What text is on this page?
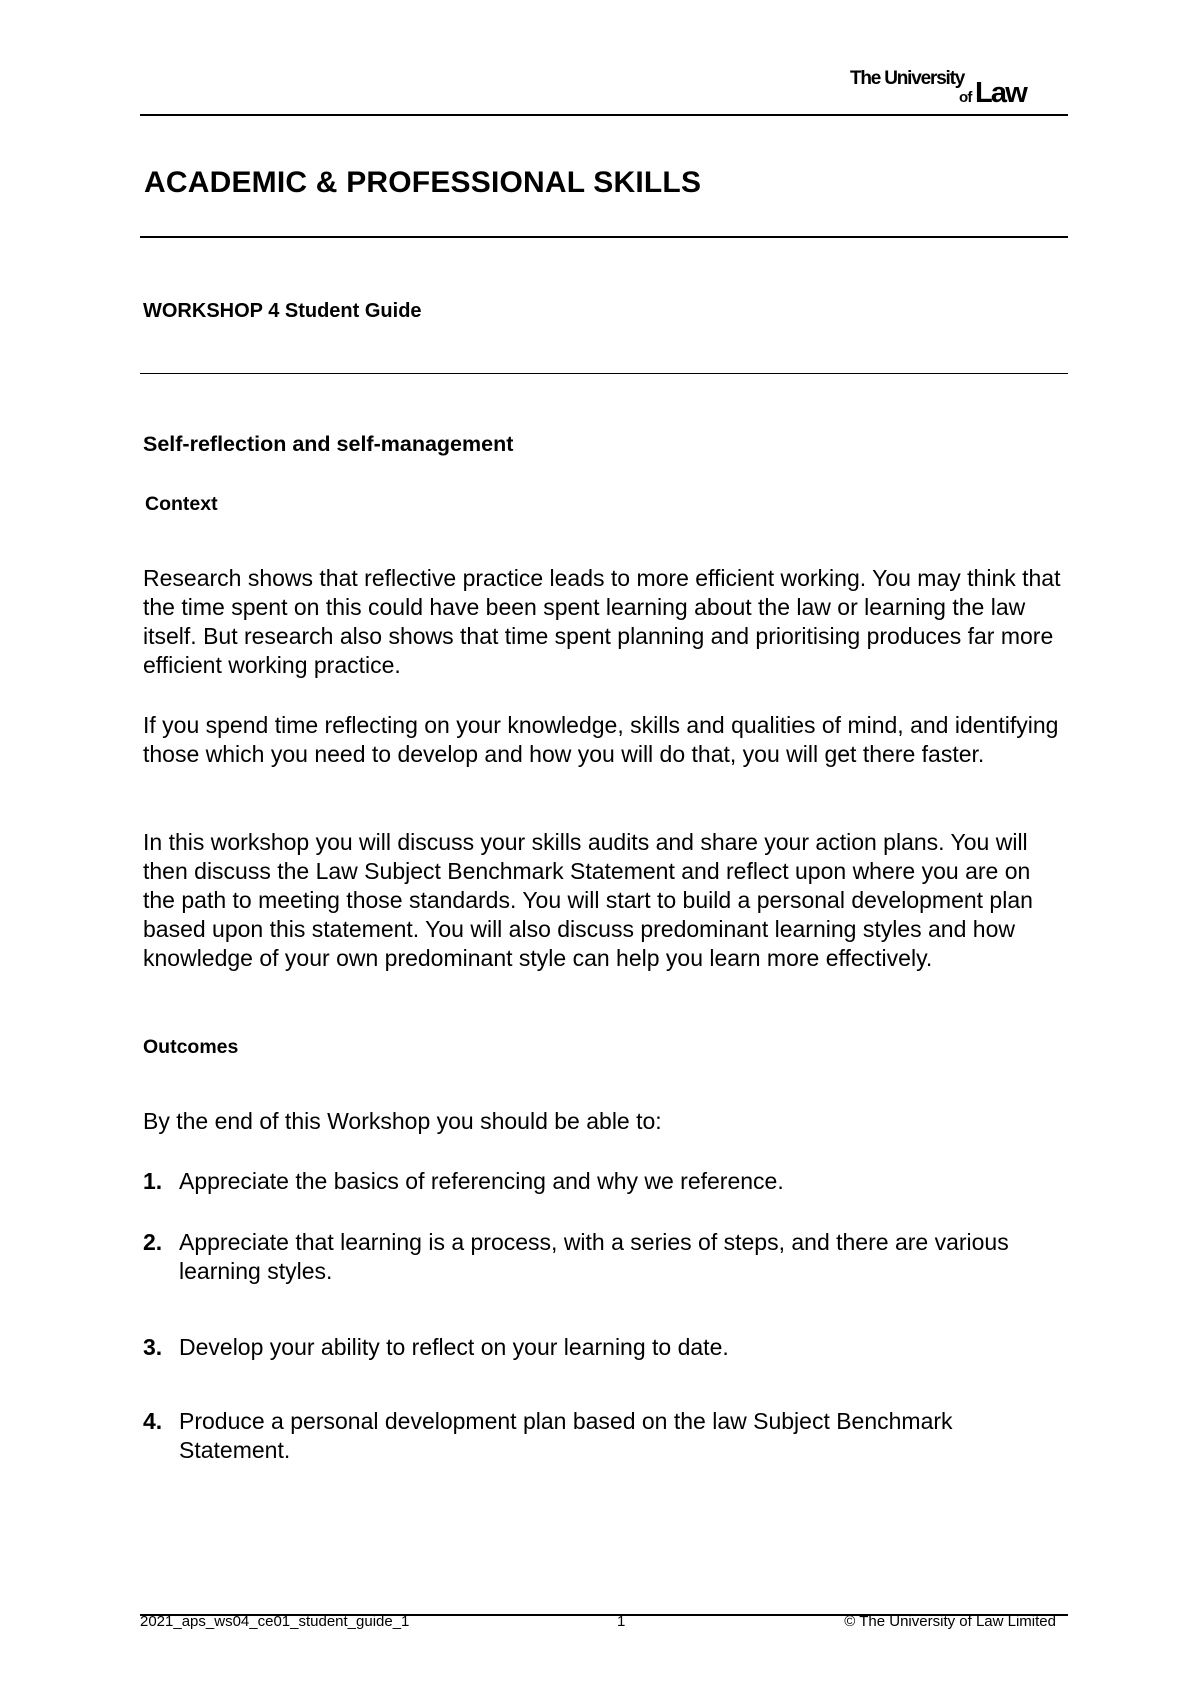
The University
of Law
ACADEMIC & PROFESSIONAL SKILLS
WORKSHOP 4 Student Guide
Self-reflection and self-management
Context

Research shows that reflective practice leads to more efficient working. You may think that the time spent on this could have been spent learning about the law or learning the law itself. But research also shows that time spent planning and prioritising produces far more efficient working practice.

If you spend time reflecting on your knowledge, skills and qualities of mind, and identifying those which you need to develop and how you will do that, you will get there faster.

In this workshop you will discuss your skills audits and share your action plans. You will then discuss the Law Subject Benchmark Statement and reflect upon where you are on the path to meeting those standards. You will start to build a personal development plan based upon this statement. You will also discuss predominant learning styles and how knowledge of your own predominant style can help you learn more effectively.

Outcomes

By the end of this Workshop you should be able to:

1. Appreciate the basics of referencing and why we reference.
2. Appreciate that learning is a process, with a series of steps, and there are various learning styles.
3. Develop your ability to reflect on your learning to date.
4. Produce a personal development plan based on the law Subject Benchmark Statement.
2021_aps_ws04_ce01_student_guide_1	1	© The University of Law Limited
